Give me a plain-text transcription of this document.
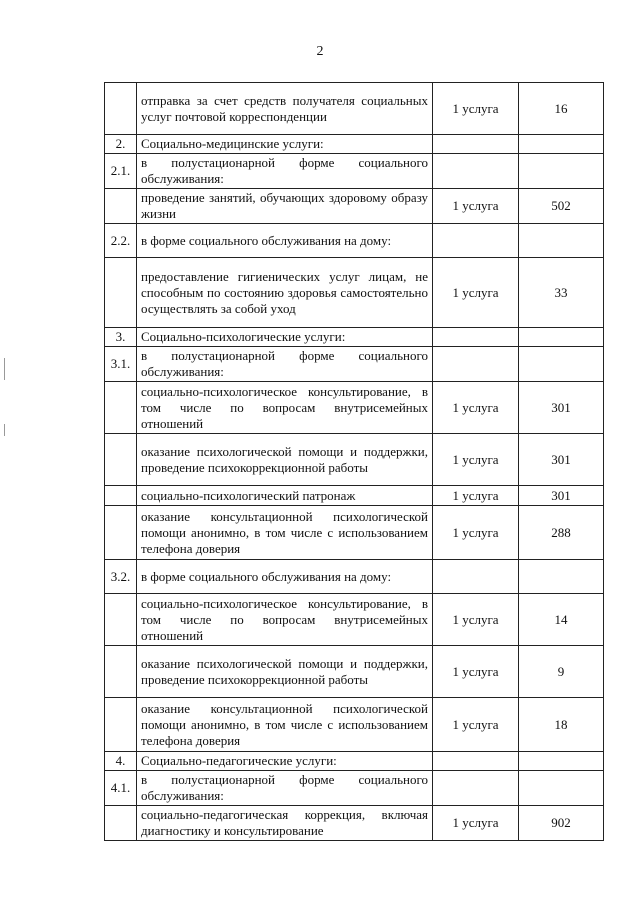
2
	отправка за счет средств получателя социальных услуг почтовой корреспонденции	1 услуга	16
2.	Социально-медицинские услуги:		
2.1.	в полустационарной форме социального обслуживания:		
	проведение занятий, обучающих здоровому образу жизни	1 услуга	502
2.2.	в форме социального обслуживания на дому:		
	предоставление гигиенических услуг лицам, не способным по состоянию здоровья самостоятельно осуществлять за собой уход	1 услуга	33
3.	Социально-психологические услуги:		
3.1.	в полустационарной форме социального обслуживания:		
	социально-психологическое консультирование, в том числе по вопросам внутрисемейных отношений	1 услуга	301
	оказание психологической помощи и поддержки, проведение психокоррекционной работы	1 услуга	301
	социально-психологический патронаж	1 услуга	301
	оказание консультационной психологической помощи анонимно, в том числе с использованием телефона доверия	1 услуга	288
3.2.	в форме социального обслуживания на дому:		
	социально-психологическое консультирование, в том числе по вопросам внутрисемейных отношений	1 услуга	14
	оказание психологической помощи и поддержки, проведение психокоррекционной работы	1 услуга	9
	оказание консультационной психологической помощи анонимно, в том числе с использованием телефона доверия	1 услуга	18
4.	Социально-педагогические услуги:		
4.1.	в полустационарной форме социального обслуживания:		
	социально-педагогическая коррекция, включая диагностику и консультирование	1 услуга	902
